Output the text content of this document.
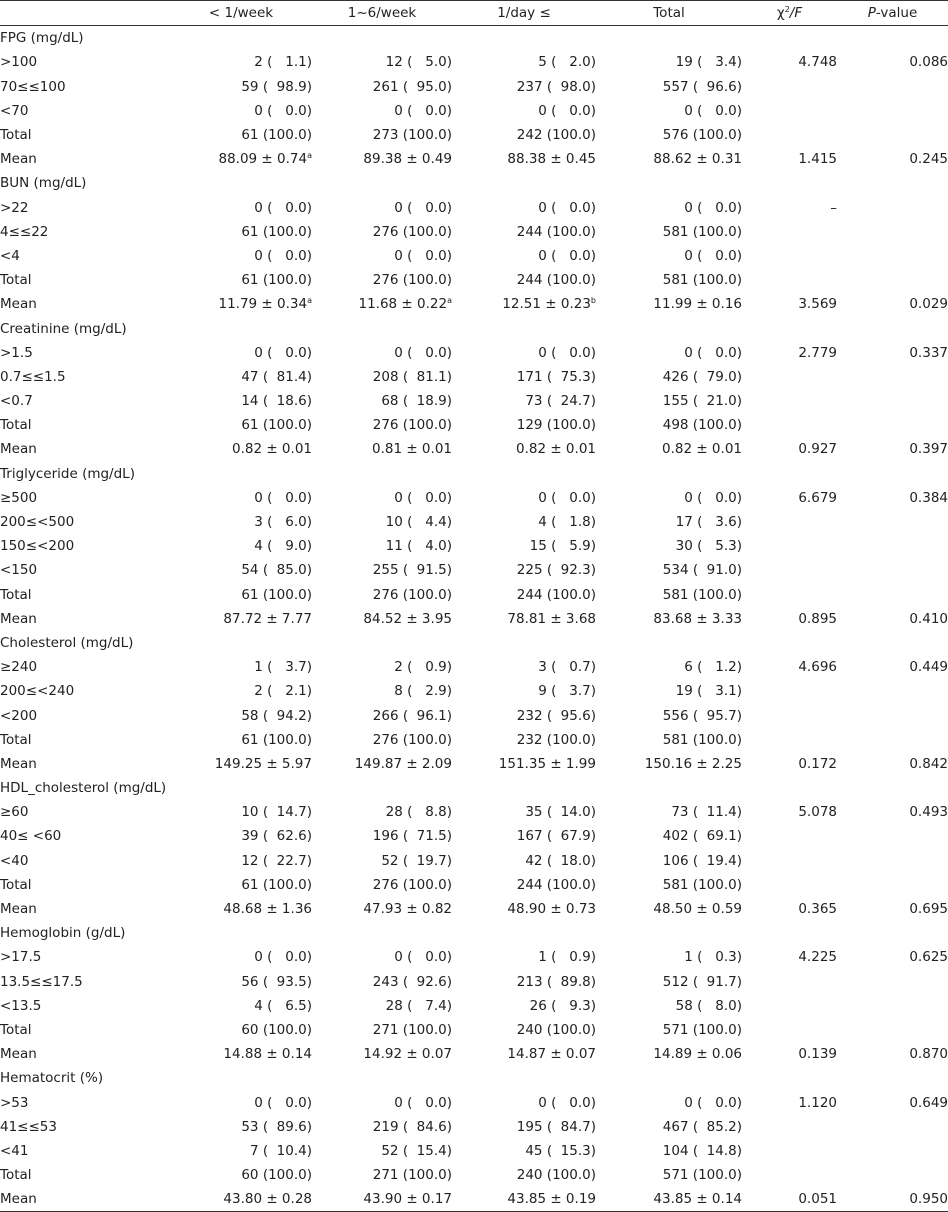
	< 1/week	1~6/week	1/day ≤	Total	$\chi^2/F$	P-value
FPG (mg/dL)						
>100	2 (   1.1)	12 (   5.0)	5 (   2.0)	19 (   3.4)	4.748	0.086
70≤≤100	59 (  98.9)	261 (  95.0)	237 (  98.0)	557 (  96.6)		
<70	0 (   0.0)	0 (   0.0)	0 (   0.0)	0 (   0.0)		
Total	61 (100.0)	273 (100.0)	242 (100.0)	576 (100.0)		
Mean	88.09 ± 0.74$^a$	89.38 ± 0.49	88.38 ± 0.45	88.62 ± 0.31	1.415	0.245
BUN (mg/dL)						
>22	0 (   0.0)	0 (   0.0)	0 (   0.0)	0 (   0.0)	–	
4≤≤22	61 (100.0)	276 (100.0)	244 (100.0)	581 (100.0)		
<4	0 (   0.0)	0 (   0.0)	0 (   0.0)	0 (   0.0)		
Total	61 (100.0)	276 (100.0)	244 (100.0)	581 (100.0)		
Mean	11.79 ± 0.34$^a$	11.68 ± 0.22$^a$	12.51 ± 0.23$^b$	11.99 ± 0.16	3.569	0.029
Creatinine (mg/dL)						
>1.5	0 (   0.0)	0 (   0.0)	0 (   0.0)	0 (   0.0)	2.779	0.337
0.7≤≤1.5	47 (  81.4)	208 (  81.1)	171 (  75.3)	426 (  79.0)		
<0.7	14 (  18.6)	68 (  18.9)	73 (  24.7)	155 (  21.0)		
Total	61 (100.0)	276 (100.0)	129 (100.0)	498 (100.0)		
Mean	0.82 ± 0.01	0.81 ± 0.01	0.82 ± 0.01	0.82 ± 0.01	0.927	0.397
Triglyceride (mg/dL)						
≥500	0 (   0.0)	0 (   0.0)	0 (   0.0)	0 (   0.0)	6.679	0.384
200≤<500	3 (   6.0)	10 (   4.4)	4 (   1.8)	17 (   3.6)		
150≤<200	4 (   9.0)	11 (   4.0)	15 (   5.9)	30 (   5.3)		
<150	54 (  85.0)	255 (  91.5)	225 (  92.3)	534 (  91.0)		
Total	61 (100.0)	276 (100.0)	244 (100.0)	581 (100.0)		
Mean	87.72 ± 7.77	84.52 ± 3.95	78.81 ± 3.68	83.68 ± 3.33	0.895	0.410
Cholesterol (mg/dL)						
≥240	1 (   3.7)	2 (   0.9)	3 (   0.7)	6 (   1.2)	4.696	0.449
200≤<240	2 (   2.1)	8 (   2.9)	9 (   3.7)	19 (   3.1)		
<200	58 (  94.2)	266 (  96.1)	232 (  95.6)	556 (  95.7)		
Total	61 (100.0)	276 (100.0)	232 (100.0)	581 (100.0)		
Mean	149.25 ± 5.97	149.87 ± 2.09	151.35 ± 1.99	150.16 ± 2.25	0.172	0.842
HDL_cholesterol (mg/dL)						
≥60	10 (  14.7)	28 (   8.8)	35 (  14.0)	73 (  11.4)	5.078	0.493
40≤ <60	39 (  62.6)	196 (  71.5)	167 (  67.9)	402 (  69.1)		
<40	12 (  22.7)	52 (  19.7)	42 (  18.0)	106 (  19.4)		
Total	61 (100.0)	276 (100.0)	244 (100.0)	581 (100.0)		
Mean	48.68 ± 1.36	47.93 ± 0.82	48.90 ± 0.73	48.50 ± 0.59	0.365	0.695
Hemoglobin (g/dL)						
>17.5	0 (   0.0)	0 (   0.0)	1 (   0.9)	1 (   0.3)	4.225	0.625
13.5≤≤17.5	56 (  93.5)	243 (  92.6)	213 (  89.8)	512 (  91.7)		
<13.5	4 (   6.5)	28 (   7.4)	26 (   9.3)	58 (   8.0)		
Total	60 (100.0)	271 (100.0)	240 (100.0)	571 (100.0)		
Mean	14.88 ± 0.14	14.92 ± 0.07	14.87 ± 0.07	14.89 ± 0.06	0.139	0.870
Hematocrit (%)						
>53	0 (   0.0)	0 (   0.0)	0 (   0.0)	0 (   0.0)	1.120	0.649
41≤≤53	53 (  89.6)	219 (  84.6)	195 (  84.7)	467 (  85.2)		
<41	7 (  10.4)	52 (  15.4)	45 (  15.3)	104 (  14.8)		
Total	60 (100.0)	271 (100.0)	240 (100.0)	571 (100.0)		
Mean	43.80 ± 0.28	43.90 ± 0.17	43.85 ± 0.19	43.85 ± 0.14	0.051	0.950
